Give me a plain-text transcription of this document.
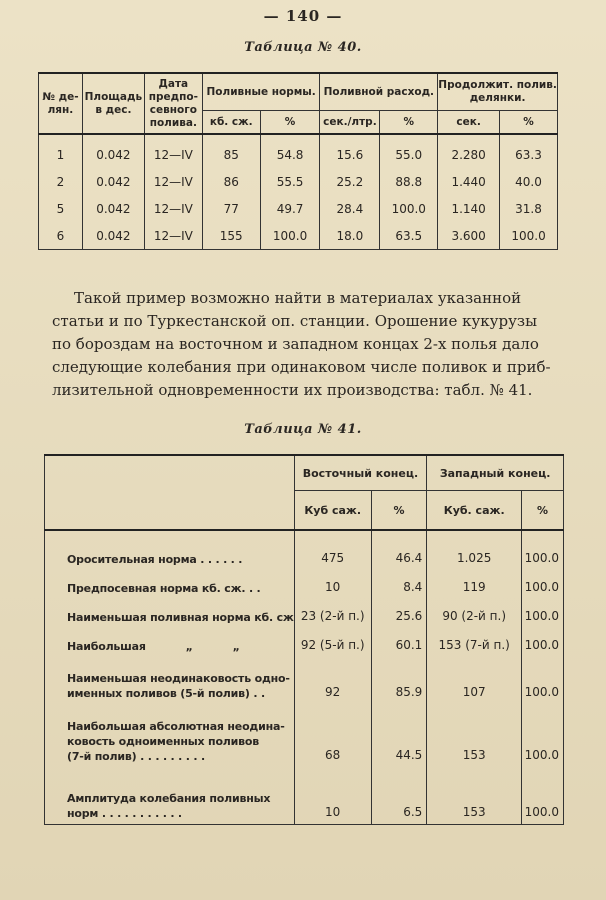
— 140 —
Таблица № 40.
№ де-лян.	Площадь в дес.	Дата предпо-севного полива.	Поливные нормы.		Поливной расход.		Продолжит. полив. делянки.	
			кб. сж.	%	сек./лтр.	%	сек.	%
1	0.042	12—IV	85	54.8	15.6	55.0	2.280	63.3
2	0.042	12—IV	86	55.5	25.2	88.8	1.440	40.0
5	0.042	12—IV	77	49.7	28.4	100.0	1.140	31.8
6	0.042	12—IV	155	100.0	18.0	63.5	3.600	100.0
Такой пример возможно найти в материалах указанной
статьи и по Туркестанской оп. станции. Орошение кукурузы
по бороздам на восточном и западном концах 2-х полья дало
следующие колебания при одинаковом числе поливок и приб-
лизительной одновременности их производства: табл. № 41.
Таблица № 41.
	Восточный конец.		Западный конец.	
	Куб саж.	%	Куб. саж.	%
Оросительная норма . . . . . .	475	46.4	1.025	100.0
Предпосевная норма кб. сж. . .	10	8.4	119	100.0
Наименьшая поливная норма кб. сж	23 (2-й п.)	25.6	90 (2-й п.)	100.0
Наибольшая           „           „	92 (5-й п.)	60.1	153 (7-й п.)	100.0
Наименьшая неодинаковость одно-
именных поливов (5-й полив) . .	92	85.9	107	100.0
Наибольшая абсолютная неодина-
ковость одноименных поливов
(7-й полив) . . . . . . . . .	68	44.5	153	100.0
Амплитуда колебания поливных
норм . . . . . . . . . . .	10	6.5	153	100.0
